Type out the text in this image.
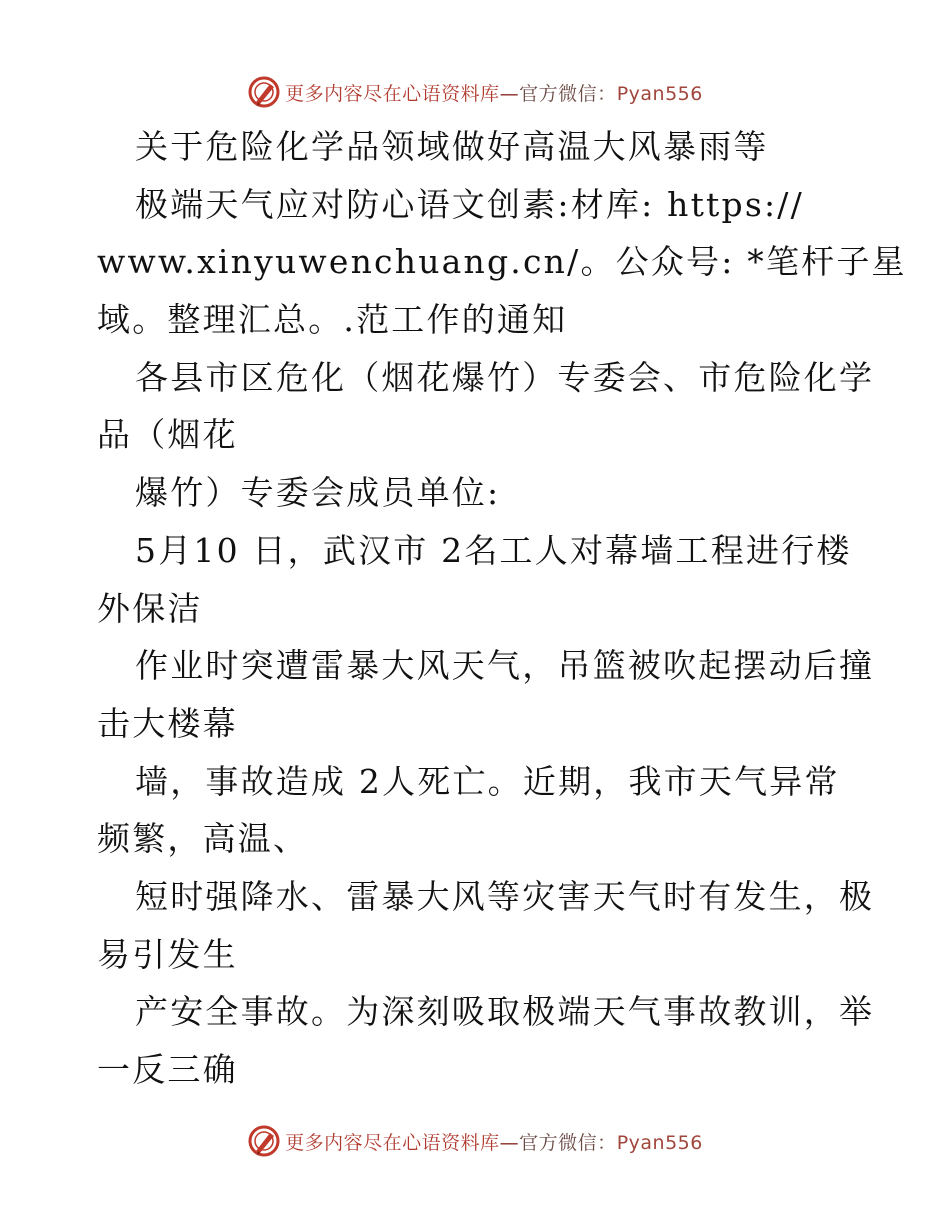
更多内容尽在心语资料库—官方微信：Pyan556
关于危险化学品领域做好高温大风暴雨等
极端天气应对防心语文创素:材库: https://
www.xinyuwenchuang.cn/。公众号: *笔杆子星
域。整理汇总。.范工作的通知
各县市区危化（烟花爆竹）专委会、市危险化学
品（烟花
爆竹）专委会成员单位:
5月10 日，武汉市 2名工人对幕墙工程进行楼
外保洁
作业时突遭雷暴大风天气，吊篮被吹起摆动后撞
击大楼幕
墙，事故造成 2人死亡。近期，我市天气异常
频繁，高温、
短时强降水、雷暴大风等灾害天气时有发生，极
易引发生
产安全事故。为深刻吸取极端天气事故教训，举
一反三确
更多内容尽在心语资料库—官方微信：Pyan556
